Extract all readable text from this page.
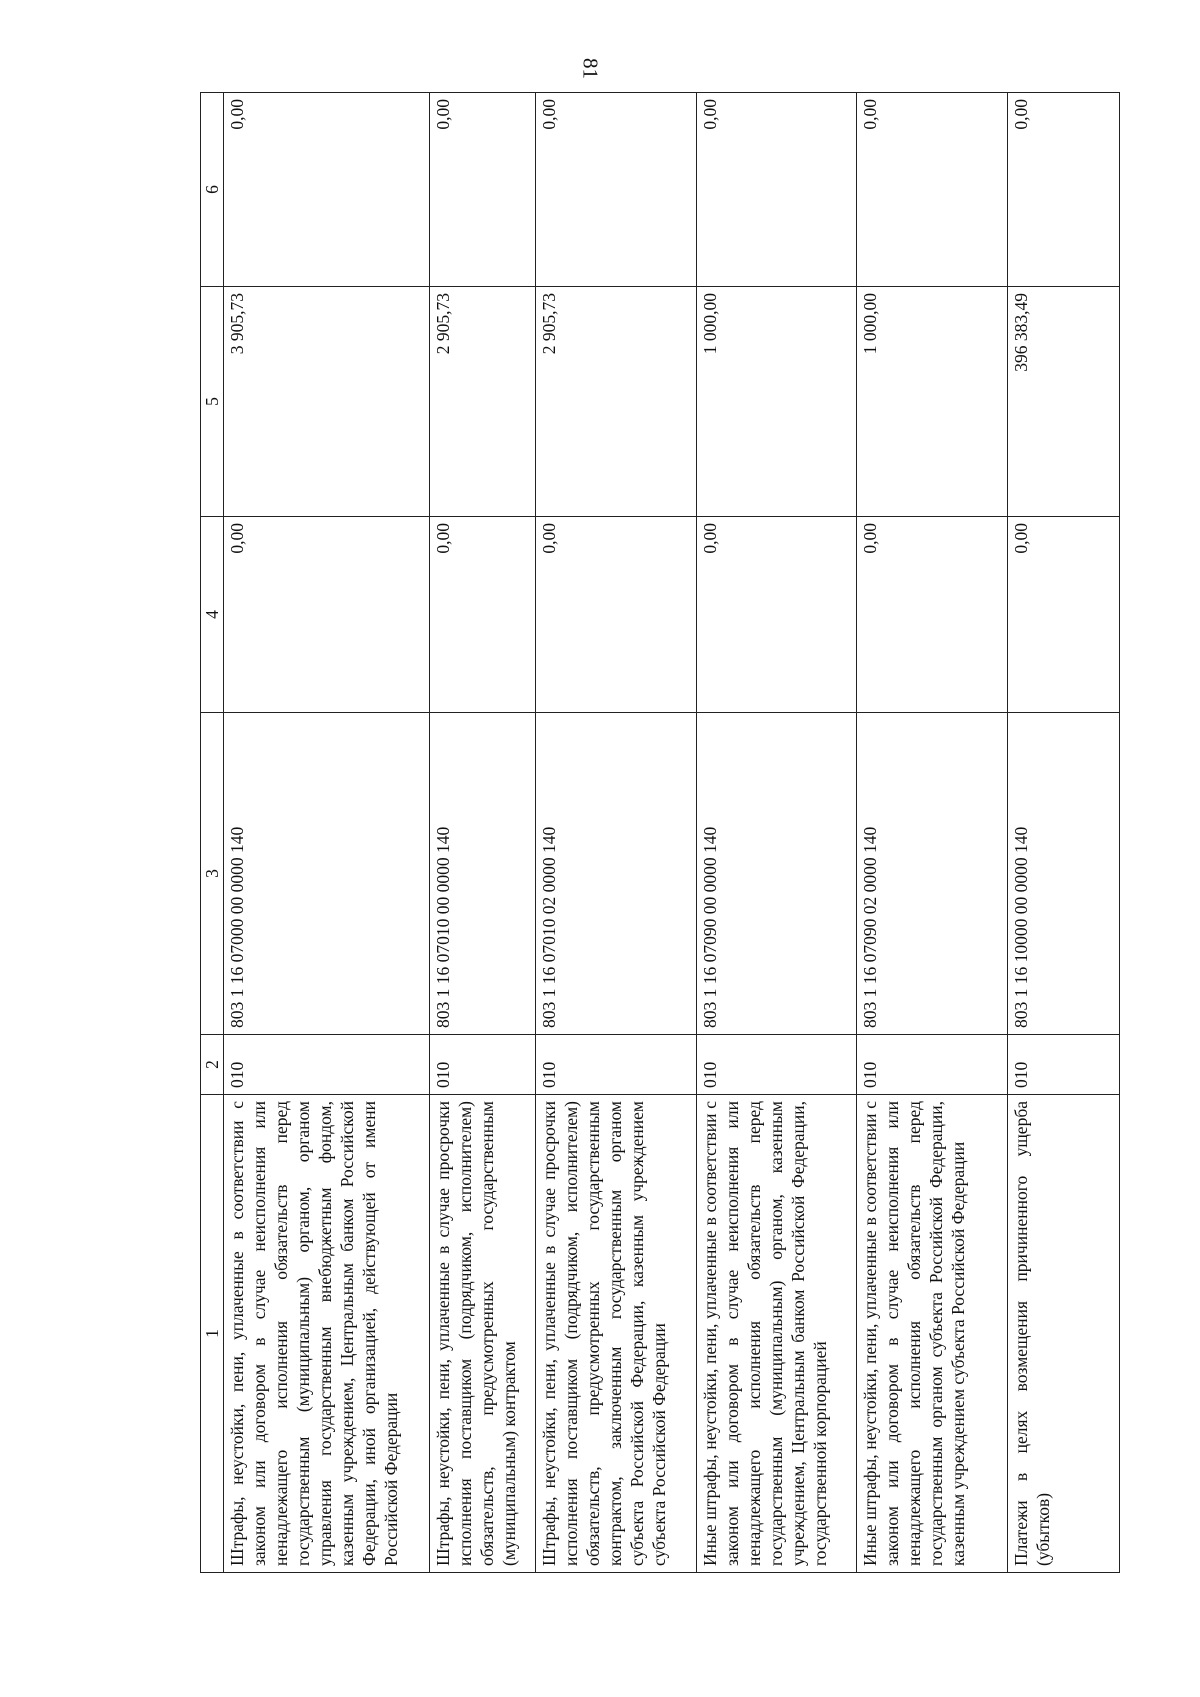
81
1	2	3	4	5	6
Штрафы, неустойки, пени, уплаченные в соответствии с законом или договором в случае неисполнения или ненадлежащего исполнения обязательств перед государственным (муниципальным) органом, органом управления государственным внебюджетным фондом, казенным учреждением, Центральным банком Российской Федерации, иной организацией, действующей от имени Российской Федерации	010	803 1 16 07000 00 0000 140	0,00	3 905,73	0,00
Штрафы, неустойки, пени, уплаченные в случае просрочки исполнения поставщиком (подрядчиком, исполнителем) обязательств, предусмотренных государственным (муниципальным) контрактом	010	803 1 16 07010 00 0000 140	0,00	2 905,73	0,00
Штрафы, неустойки, пени, уплаченные в случае просрочки исполнения поставщиком (подрядчиком, исполнителем) обязательств, предусмотренных государственным контрактом, заключенным государственным органом субъекта Российской Федерации, казенным учреждением субъекта Российской Федерации	010	803 1 16 07010 02 0000 140	0,00	2 905,73	0,00
Иные штрафы, неустойки, пени, уплаченные в соответствии с законом или договором в случае неисполнения или ненадлежащего исполнения обязательств перед государственным (муниципальным) органом, казенным учреждением, Центральным банком Российской Федерации, государственной корпорацией	010	803 1 16 07090 00 0000 140	0,00	1 000,00	0,00
Иные штрафы, неустойки, пени, уплаченные в соответствии с законом или договором в случае неисполнения или ненадлежащего исполнения обязательств перед государственным органом субъекта Российской Федерации, казенным учреждением субъекта Российской Федерации	010	803 1 16 07090 02 0000 140	0,00	1 000,00	0,00
Платежи в целях возмещения причиненного ущерба (убытков)	010	803 1 16 10000 00 0000 140	0,00	396 383,49	0,00
